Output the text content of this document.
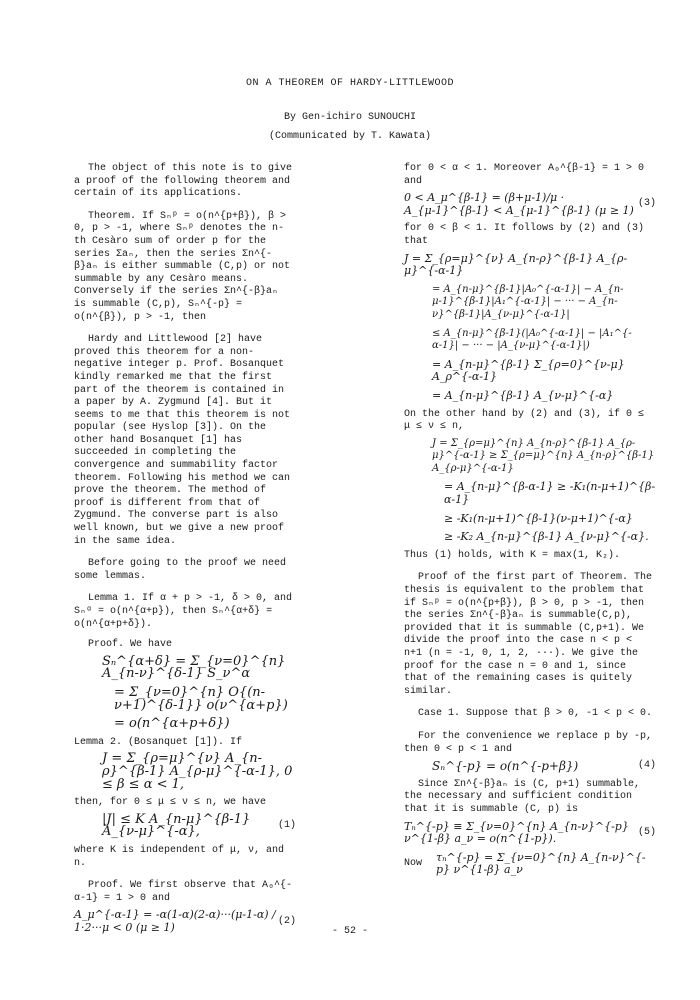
ON A THEOREM OF HARDY-LITTLEWOOD
By Gen-ichiro SUNOUCHI
(Communicated by T. Kawata)

The object of this note is to give a proof of the following theorem and certain of its applications.

Theorem. If Sₙᵖ = o(n^{p+β}), β > 0, p > -1, where Sₙᵖ denotes the n-th Cesàro sum of order p for the series Σaₙ, then the series Σn^{-β}aₙ is either summable (C,p) or not summable by any Cesàro means. Conversely if the series Σn^{-β}aₙ is summable (C,p), Sₙ^{-p} = o(n^{β}), p > -1, then

Hardy and Littlewood [2] have proved this theorem for a non-negative integer p. Prof. Bosanquet kindly remarked me that the first part of the theorem is contained in a paper by A. Zygmund [4]. But it seems to me that this theorem is not popular (see Hyslop [3]). On the other hand Bosanquet [1] has succeeded in completing the convergence and summability factor theorem. Following his method we can prove the theorem. The method of proof is different from that of Zygmund. The converse part is also well known, but we give a new proof in the same idea.

Before going to the proof we need some lemmas.

Lemma 1. If α + p > -1, δ > 0, and Sₙᵅ = o(n^{α+p}), then Sₙ^{α+δ} = o(n^{α+p+δ}).

Proof. We have

Sₙ^{α+δ} = Σ_{ν=0}^{n} A_{n-ν}^{δ-1} S_ν^α
= Σ_{ν=0}^{n} O{(n-ν+1)^{δ-1}} o(ν^{α+p})
= o(n^{α+p+δ})

Lemma 2. (Bosanquet [1]). If

J = Σ_{ρ=μ}^{ν} A_{n-ρ}^{β-1} A_{ρ-μ}^{-α-1}, 0 ≤ β ≤ α < 1,

then, for 0 ≤ μ ≤ ν ≤ n, we have

|J| ≤ K A_{n-μ}^{β-1} A_{ν-μ}^{-α},	(1)

where K is independent of μ, ν, and n.

Proof. We first observe that A₀^{-α-1} = 1 > 0 and

A_μ^{-α-1} = -α(1-α)(2-α)···(μ-1-α) / 1·2···μ < 0 (μ ≥ 1)	(2)

for 0 < α < 1. Moreover A₀^{β-1} = 1 > 0 and

0 < A_μ^{β-1} = (β+μ-1)/μ · A_{μ-1}^{β-1} < A_{μ-1}^{β-1} (μ ≥ 1) (3)

for 0 < β < 1. It follows by (2) and (3) that

J = Σ_{ρ=μ}^{ν} A_{n-ρ}^{β-1} A_{ρ-μ}^{-α-1}
= A_{n-μ}^{β-1}|A₀^{-α-1}| − A_{n-μ-1}^{β-1}|A₁^{-α-1}| − ··· − A_{n-ν}^{β-1}|A_{ν-μ}^{-α-1}|
≤ A_{n-μ}^{β-1}(|A₀^{-α-1}| − |A₁^{-α-1}| − ··· − |A_{ν-μ}^{-α-1}|)
= A_{n-μ}^{β-1} Σ_{ρ=0}^{ν-μ} A_ρ^{-α-1}
= A_{n-μ}^{β-1} A_{ν-μ}^{-α}

On the other hand by (2) and (3), if 0 ≤ μ ≤ ν ≤ n,

J = Σ_{ρ=μ}^{n} A_{n-ρ}^{β-1} A_{ρ-μ}^{-α-1} ≥ Σ_{ρ=μ}^{n} A_{n-ρ}^{β-1} A_{ρ-μ}^{-α-1}
= A_{n-μ}^{β-α-1} ≥ -K₁(n-μ+1)^{β-α-1}
≥ -K₁(n-μ+1)^{β-1}(ν-μ+1)^{-α}
≥ -K₂ A_{n-μ}^{β-1} A_{ν-μ}^{-α}.

Thus (1) holds, with K = max(1, K₂).

Proof of the first part of Theorem. The thesis is equivalent to the problem that if Sₙᵖ = o(n^{p+β}), β > 0, p > -1, then the series Σn^{-β}aₙ is summable(C,p), provided that it is summable (C,p+1). We divide the proof into the case n < p < n+1 (n = -1, 0, 1, 2, ···). We give the proof for the case n = 0 and 1, since that of the remaining cases is quitely similar.

Case 1. Suppose that β > 0, -1 < p < 0.

For the convenience we replace p by -p, then 0 < p < 1 and

Sₙ^{-p} = o(n^{-p+β})	(4)

Since Σn^{-β}aₙ is (C, p+1) summable, the necessary and sufficient condition that it is summable (C, p) is

Tₙ^{-p} ≡ Σ_{ν=0}^{n} A_{n-ν}^{-p} ν^{1-β} a_ν = o(n^{1-p}).	(5)
Now τₙ^{-p} = Σ_{ν=0}^{n} A_{n-ν}^{-p} ν^{1-β} a_ν
- 52 -
